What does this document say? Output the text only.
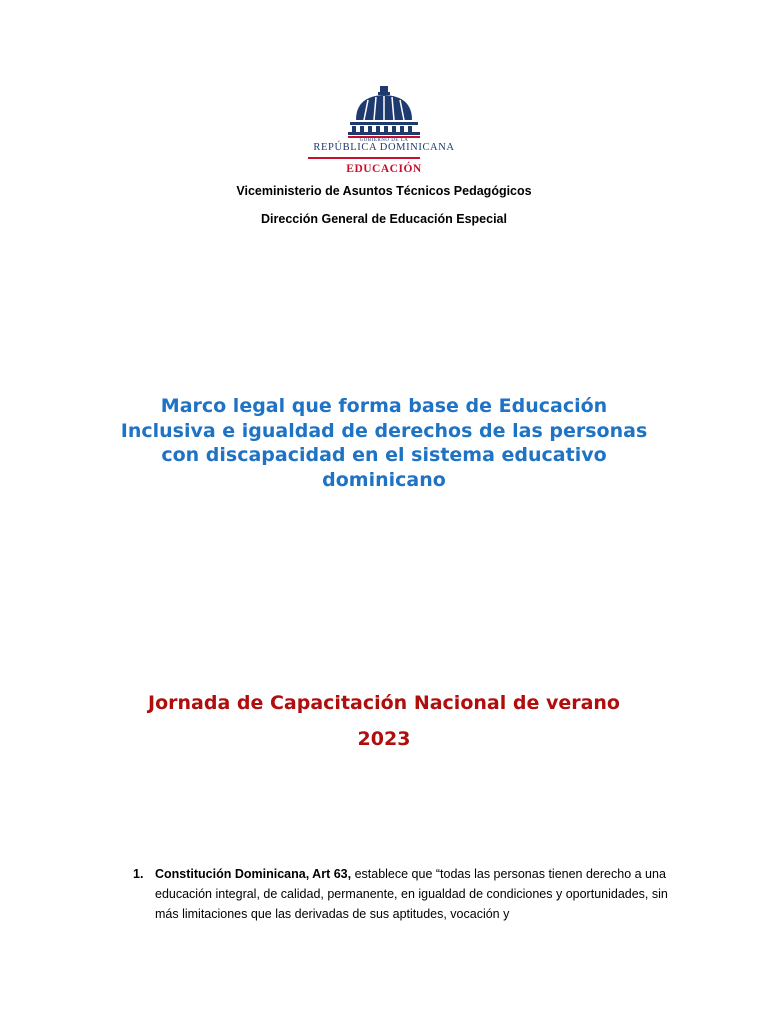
GOBIERNO DE LA
REPÚBLICA DOMINICANA
EDUCACIÓN
Viceministerio de Asuntos Técnicos Pedagógicos
Dirección General de Educación Especial
Marco legal que forma base de Educación Inclusiva e igualdad de derechos de las personas con discapacidad en el sistema educativo dominicano
Jornada de Capacitación Nacional de verano
2023
1. Constitución Dominicana, Art 63, establece que “todas las personas tienen derecho a una educación integral, de calidad, permanente, en igualdad de condiciones y oportunidades, sin más limitaciones que las derivadas de sus aptitudes, vocación y
